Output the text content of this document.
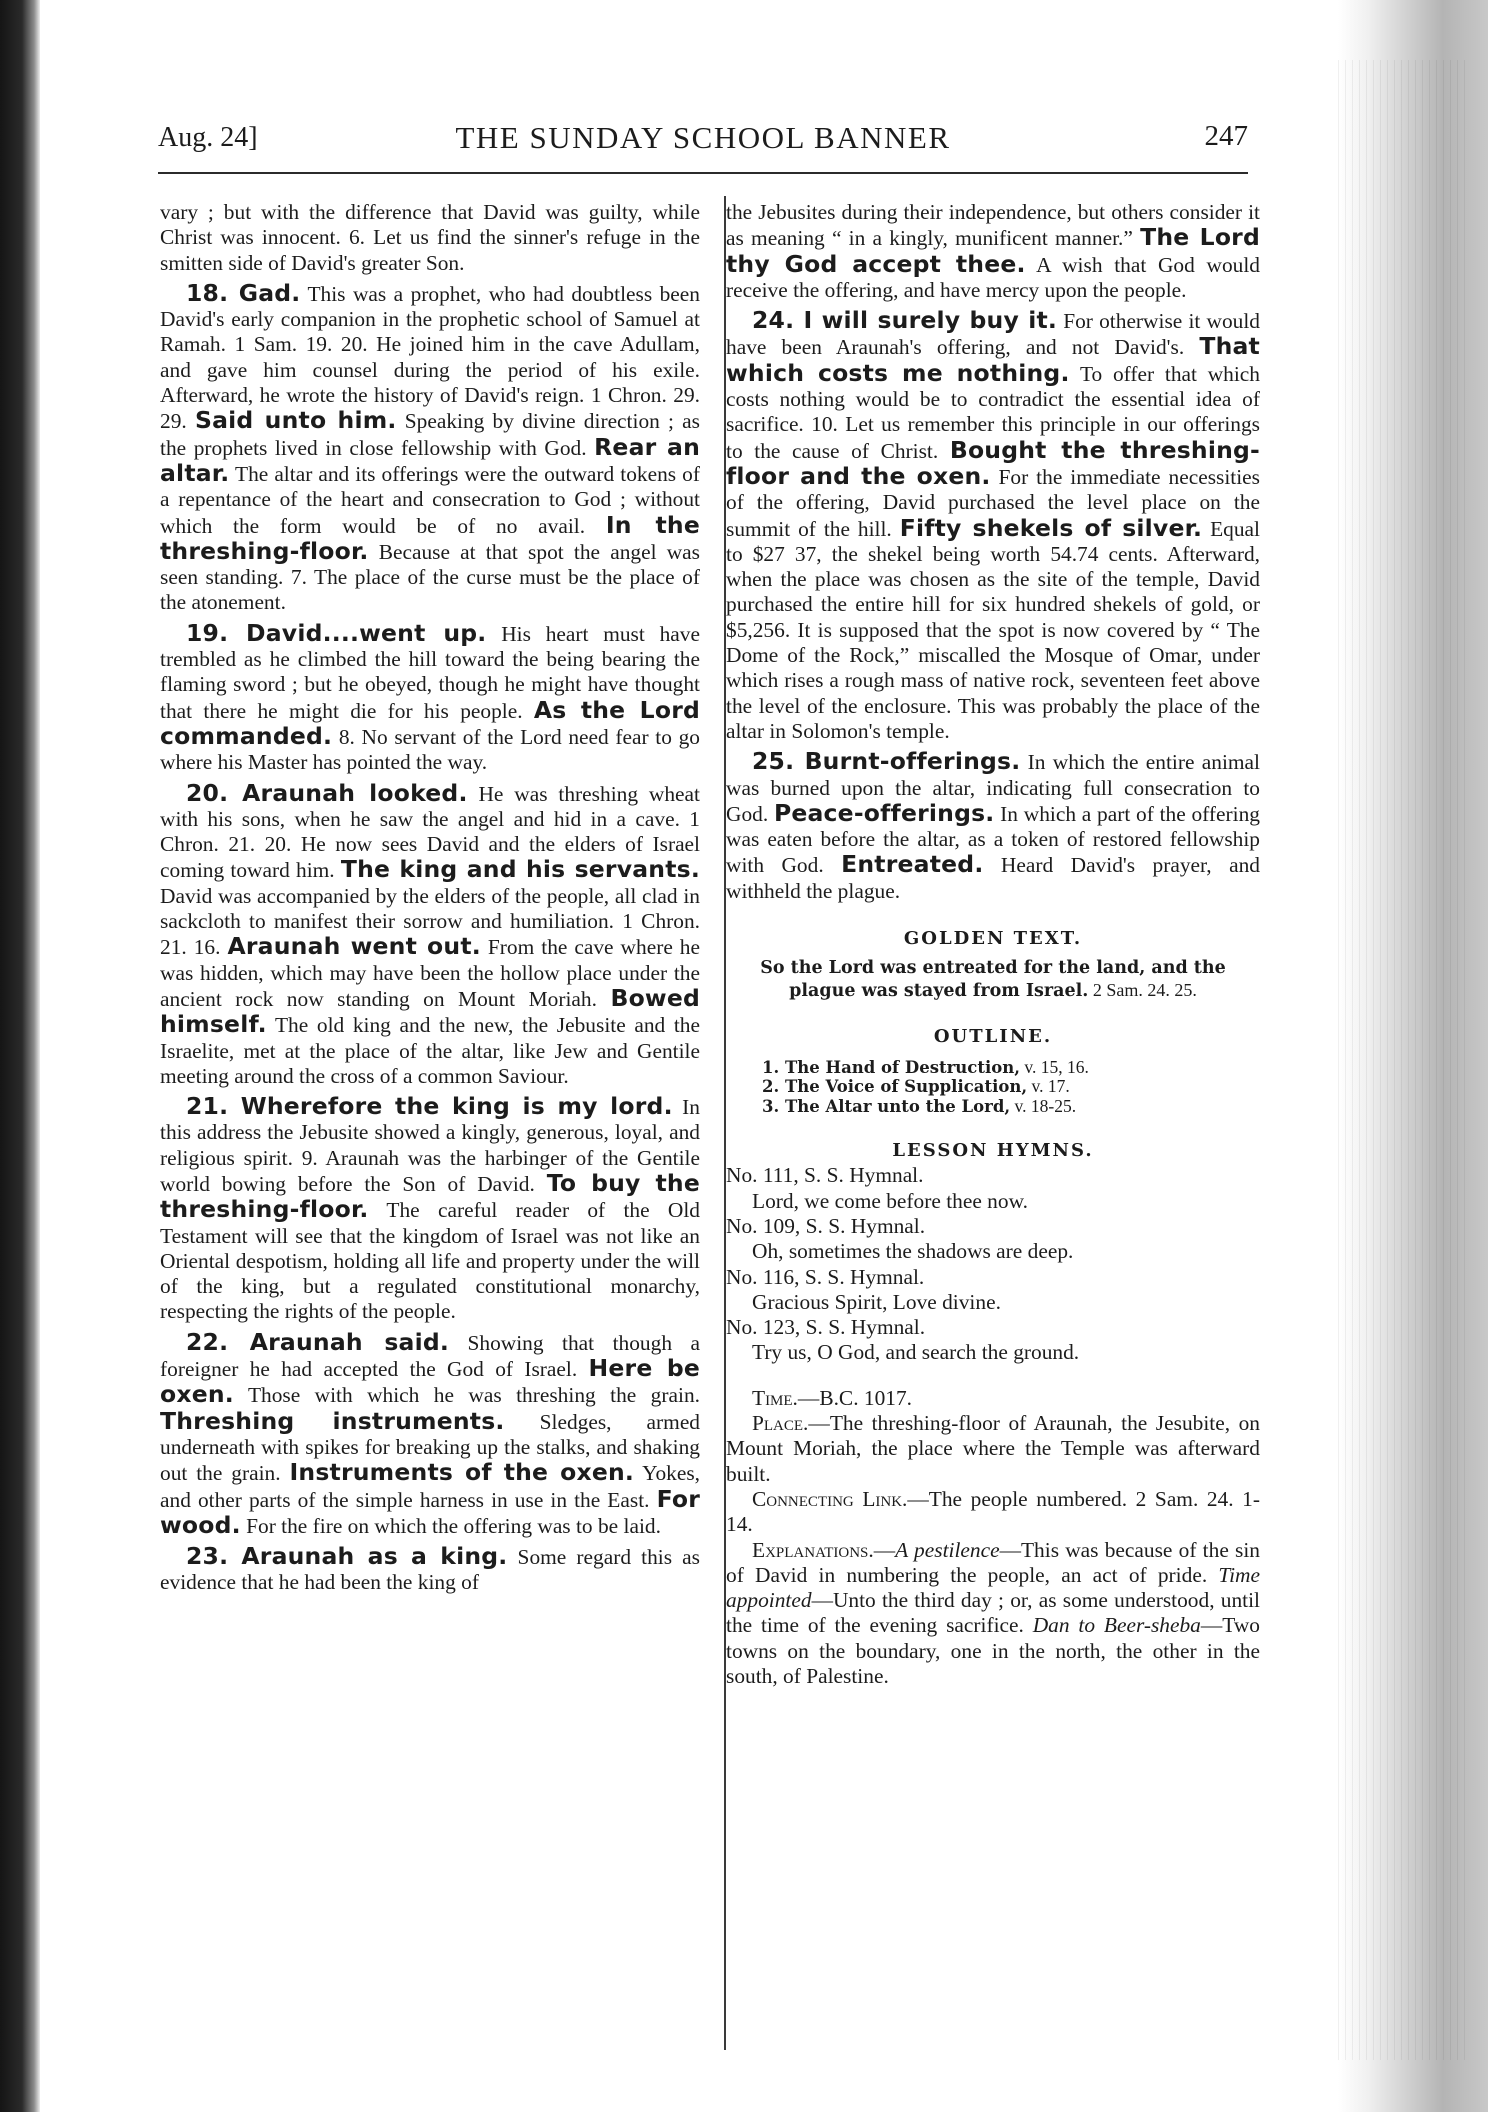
Aug. 24]	THE SUNDAY SCHOOL BANNER	247

vary ; but with the difference that David was guilty, while Christ was innocent. 6. Let us find the sinner's refuge in the smitten side of David's greater Son.

18. Gad. This was a prophet, who had doubtless been David's early companion in the prophetic school of Samuel at Ramah. 1 Sam. 19. 20. He joined him in the cave Adullam, and gave him counsel during the period of his exile. Afterward, he wrote the history of David's reign. 1 Chron. 29. 29. Said unto him. Speaking by divine direction ; as the prophets lived in close fellowship with God. Rear an altar. The altar and its offerings were the outward tokens of a repentance of the heart and consecration to God ; without which the form would be of no avail. In the threshing-floor. Because at that spot the angel was seen standing. 7. The place of the curse must be the place of the atonement.

19. David....went up. His heart must have trembled as he climbed the hill toward the being bearing the flaming sword ; but he obeyed, though he might have thought that there he might die for his people. As the Lord commanded. 8. No servant of the Lord need fear to go where his Master has pointed the way.

20. Araunah looked. He was threshing wheat with his sons, when he saw the angel and hid in a cave. 1 Chron. 21. 20. He now sees David and the elders of Israel coming toward him. The king and his servants. David was accompanied by the elders of the people, all clad in sackcloth to manifest their sorrow and humiliation. 1 Chron. 21. 16. Araunah went out. From the cave where he was hidden, which may have been the hollow place under the ancient rock now standing on Mount Moriah. Bowed himself. The old king and the new, the Jebusite and the Israelite, met at the place of the altar, like Jew and Gentile meeting around the cross of a common Saviour.

21. Wherefore the king is my lord. In this address the Jebusite showed a kingly, generous, loyal, and religious spirit. 9. Araunah was the harbinger of the Gentile world bowing before the Son of David. To buy the threshing-floor. The careful reader of the Old Testament will see that the kingdom of Israel was not like an Oriental despotism, holding all life and property under the will of the king, but a regulated constitutional monarchy, respecting the rights of the people.

22. Araunah said. Showing that though a foreigner he had accepted the God of Israel. Here be oxen. Those with which he was threshing the grain. Threshing instruments. Sledges, armed underneath with spikes for breaking up the stalks, and shaking out the grain. Instruments of the oxen. Yokes, and other parts of the simple harness in use in the East. For wood. For the fire on which the offering was to be laid.

23. Araunah as a king. Some regard this as evidence that he had been the king of

the Jebusites during their independence, but others consider it as meaning “ in a kingly, munificent manner.” The Lord thy God accept thee. A wish that God would receive the offering, and have mercy upon the people.

24. I will surely buy it. For otherwise it would have been Araunah's offering, and not David's. That which costs me nothing. To offer that which costs nothing would be to contradict the essential idea of sacrifice. 10. Let us remember this principle in our offerings to the cause of Christ. Bought the threshing-floor and the oxen. For the immediate necessities of the offering, David purchased the level place on the summit of the hill. Fifty shekels of silver. Equal to $27 37, the shekel being worth 54.74 cents. Afterward, when the place was chosen as the site of the temple, David purchased the entire hill for six hundred shekels of gold, or $5,256. It is supposed that the spot is now covered by “ The Dome of the Rock,” miscalled the Mosque of Omar, under which rises a rough mass of native rock, seventeen feet above the level of the enclosure. This was probably the place of the altar in Solomon's temple.

25. Burnt-offerings. In which the entire animal was burned upon the altar, indicating full consecration to God. Peace-offerings. In which a part of the offering was eaten before the altar, as a token of restored fellowship with God. Entreated. Heard David's prayer, and withheld the plague.

GOLDEN TEXT.
So the Lord was entreated for the land, and the plague was stayed from Israel. 2 Sam. 24. 25.
OUTLINE.
1. The Hand of Destruction, v. 15, 16.
2. The Voice of Supplication, v. 17.
3. The Altar unto the Lord, v. 18-25.
LESSON HYMNS.

No. 111, S. S. Hymnal.

Lord, we come before thee now.

No. 109, S. S. Hymnal.

Oh, sometimes the shadows are deep.

No. 116, S. S. Hymnal.

Gracious Spirit, Love divine.

No. 123, S. S. Hymnal.

Try us, O God, and search the ground.

Time.—B.C. 1017.

Place.—The threshing-floor of Araunah, the Jesubite, on Mount Moriah, the place where the Temple was afterward built.

Connecting Link.—The people numbered. 2 Sam. 24. 1-14.

Explanations.—A pestilence—This was because of the sin of David in numbering the people, an act of pride. Time appointed—Unto the third day ; or, as some understood, until the time of the evening sacrifice. Dan to Beer-sheba—Two towns on the boundary, one in the north, the other in the south, of Palestine.
